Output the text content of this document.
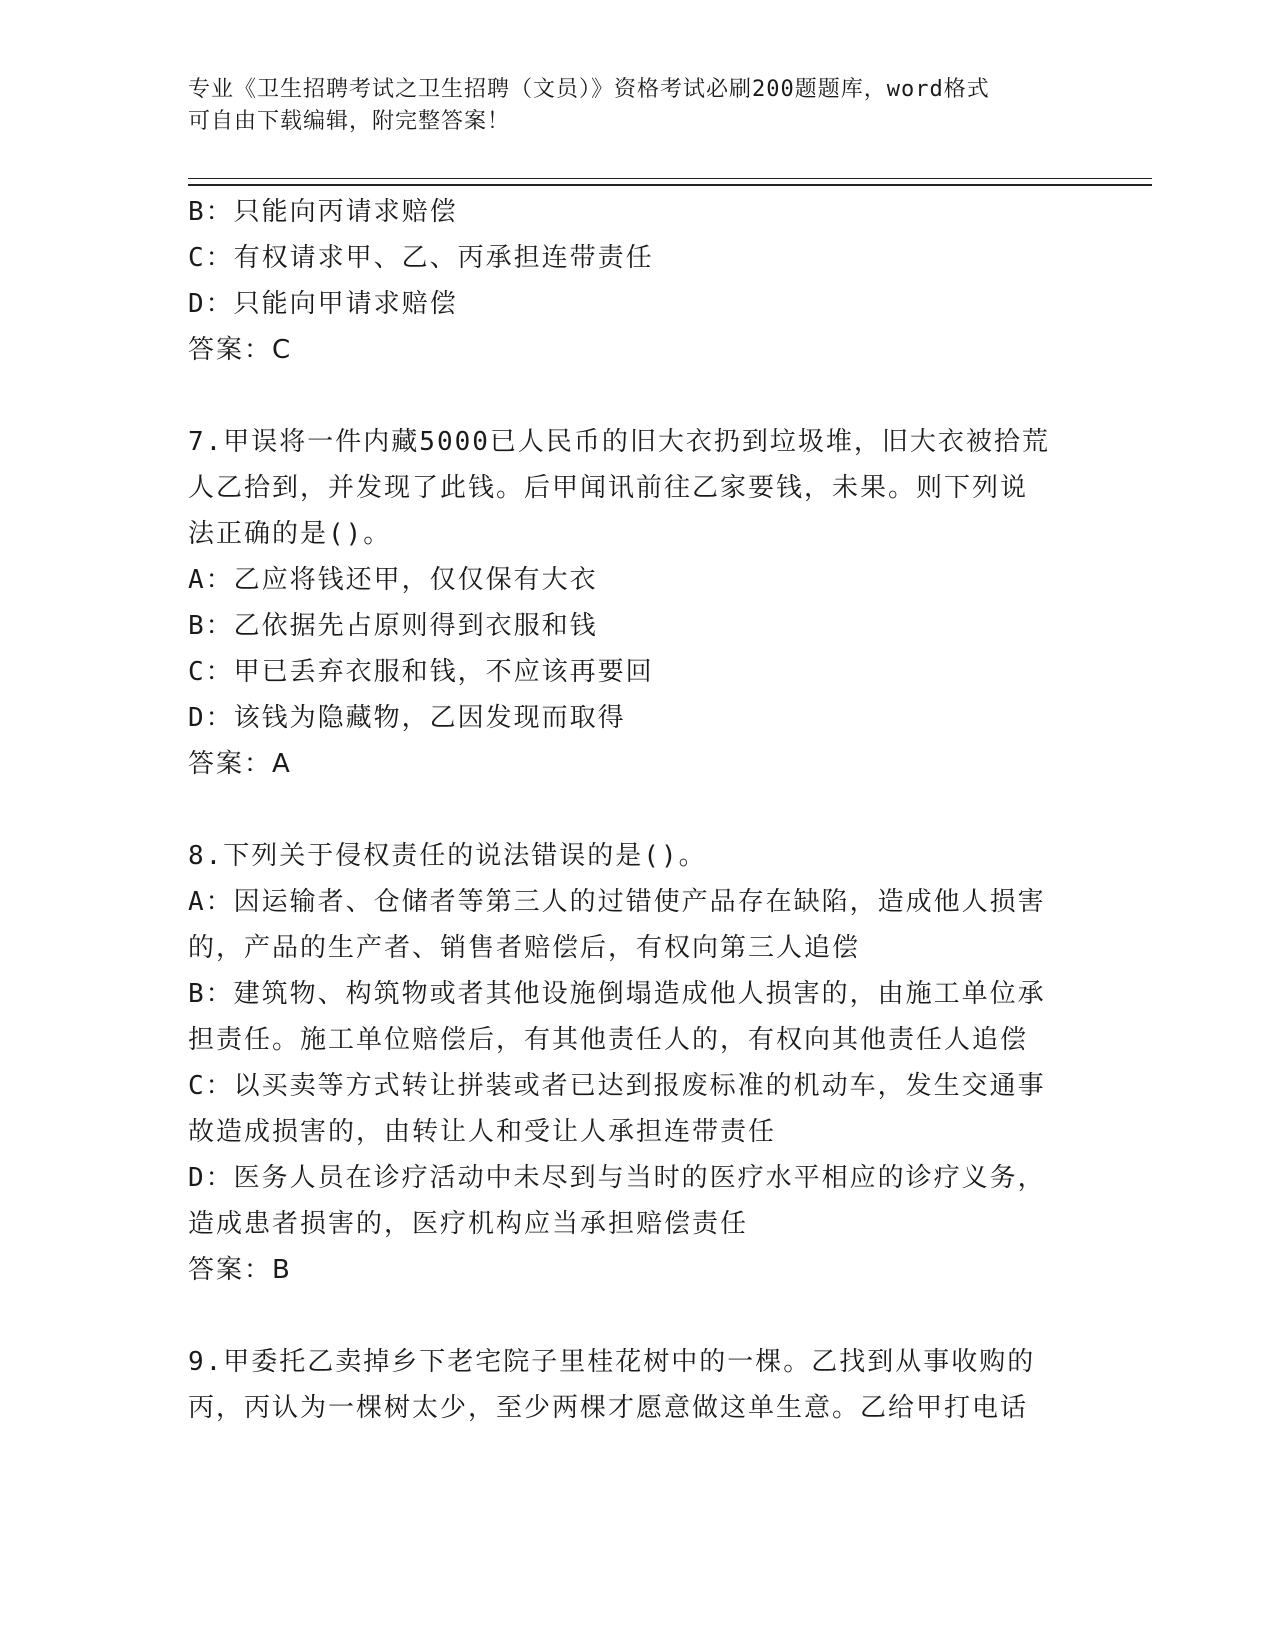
专业《卫生招聘考试之卫生招聘（文员）》资格考试必刷200题题库，word格式
可自由下载编辑，附完整答案！
B：只能向丙请求赔偿
C：有权请求甲、乙、丙承担连带责任
D：只能向甲请求赔偿
答案：C
7.甲误将一件内藏5000已人民币的旧大衣扔到垃圾堆，旧大衣被拾荒
人乙拾到，并发现了此钱。后甲闻讯前往乙家要钱，未果。则下列说
法正确的是()。
A：乙应将钱还甲，仅仅保有大衣
B：乙依据先占原则得到衣服和钱
C：甲已丢弃衣服和钱，不应该再要回
D：该钱为隐藏物，乙因发现而取得
答案：A
8.下列关于侵权责任的说法错误的是()。
A：因运输者、仓储者等第三人的过错使产品存在缺陷，造成他人损害
的，产品的生产者、销售者赔偿后，有权向第三人追偿
B：建筑物、构筑物或者其他设施倒塌造成他人损害的，由施工单位承
担责任。施工单位赔偿后，有其他责任人的，有权向其他责任人追偿
C：以买卖等方式转让拼装或者已达到报废标准的机动车，发生交通事
故造成损害的，由转让人和受让人承担连带责任
D：医务人员在诊疗活动中未尽到与当时的医疗水平相应的诊疗义务，
造成患者损害的，医疗机构应当承担赔偿责任
答案：B
9.甲委托乙卖掉乡下老宅院子里桂花树中的一棵。乙找到从事收购的
丙，丙认为一棵树太少，至少两棵才愿意做这单生意。乙给甲打电话
